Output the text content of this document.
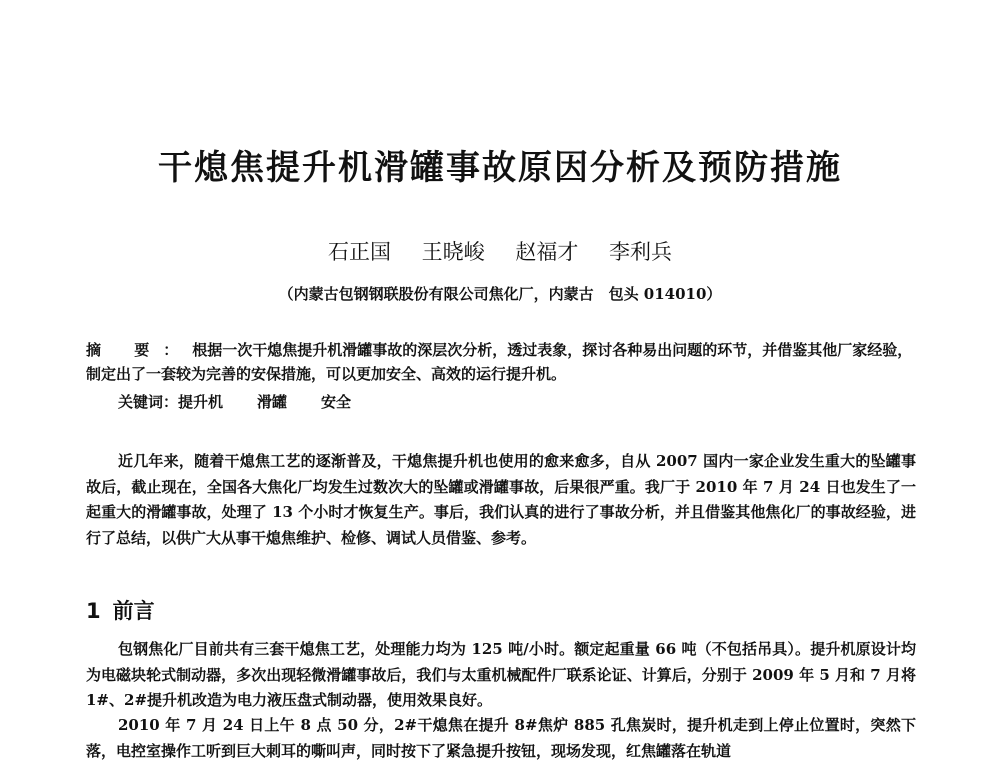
干熄焦提升机滑罐事故原因分析及预防措施
石正国 王晓峻 赵福才 李利兵
（内蒙古包钢钢联股份有限公司焦化厂，内蒙古　包头 014010）
摘 要：根据一次干熄焦提升机滑罐事故的深层次分析，透过表象，探讨各种易出问题的环节，并借鉴其他厂家经验，制定出了一套较为完善的安保措施，可以更加安全、高效的运行提升机。
关键词：提升机 滑罐 安全

近几年来，随着干熄焦工艺的逐渐普及，干熄焦提升机也使用的愈来愈多，自从 2007 国内一家企业发生重大的坠罐事故后，截止现在，全国各大焦化厂均发生过数次大的坠罐或滑罐事故，后果很严重。我厂于 2010 年 7 月 24 日也发生了一起重大的滑罐事故，处理了 13 个小时才恢复生产。事后，我们认真的进行了事故分析，并且借鉴其他焦化厂的事故经验，进行了总结，以供广大从事干熄焦维护、检修、调试人员借鉴、参考。

1 前言

包钢焦化厂目前共有三套干熄焦工艺，处理能力均为 125 吨/小时。额定起重量 66 吨（不包括吊具）。提升机原设计均为电磁块轮式制动器，多次出现轻微滑罐事故后，我们与太重机械配件厂联系论证、计算后，分别于 2009 年 5 月和 7 月将 1#、2#提升机改造为电力液压盘式制动器，使用效果良好。

2010 年 7 月 24 日上午 8 点 50 分，2#干熄焦在提升 8#焦炉 885 孔焦炭时，提升机走到上停止位置时，突然下落，电控室操作工听到巨大刺耳的嘶叫声，同时按下了紧急提升按钮，现场发现，红焦罐落在轨道
